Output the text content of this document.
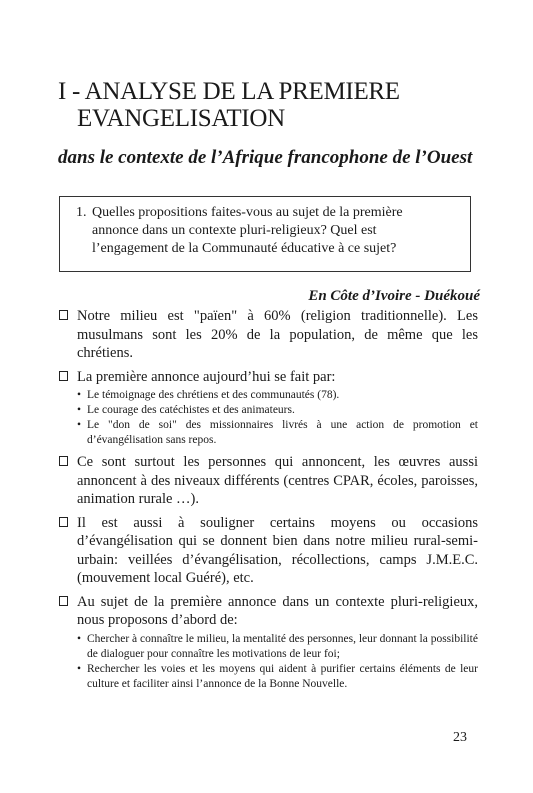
I - ANALYSE DE LA PREMIERE
EVANGELISATION
dans le contexte de l’Afrique francophone de l’Ouest
1. Quelles propositions faites-vous au sujet de la première annonce dans un contexte pluri-religieux? Quel est l’engagement de la Communauté éducative à ce sujet?
En Côte d’Ivoire - Duékoué
Notre milieu est "païen" à 60% (religion traditionnelle). Les musulmans sont les 20% de la population, de même que les chrétiens.
La première annonce aujourd’hui se fait par:
• Le témoignage des chrétiens et des communautés (78).
• Le courage des catéchistes et des animateurs.
• Le "don de soi" des missionnaires livrés à une action de promotion et d’évangélisation sans repos.
Ce sont surtout les personnes qui annoncent, les œuvres aussi annoncent à des niveaux différents (centres CPAR, écoles, paroisses, animation rurale …).
Il est aussi à souligner certains moyens ou occasions d’évangélisation qui se donnent bien dans notre milieu rural-semi-urbain: veillées d’évangélisation, récollections, camps J.M.E.C. (mouvement local Guéré), etc.
Au sujet de la première annonce dans un contexte pluri-religieux, nous proposons d’abord de:
• Chercher à connaître le milieu, la mentalité des personnes, leur donnant la possibilité de dialoguer pour connaître les motivations de leur foi;
• Rechercher les voies et les moyens qui aident à purifier certains éléments de leur culture et faciliter ainsi l’annonce de la Bonne Nouvelle.
23
